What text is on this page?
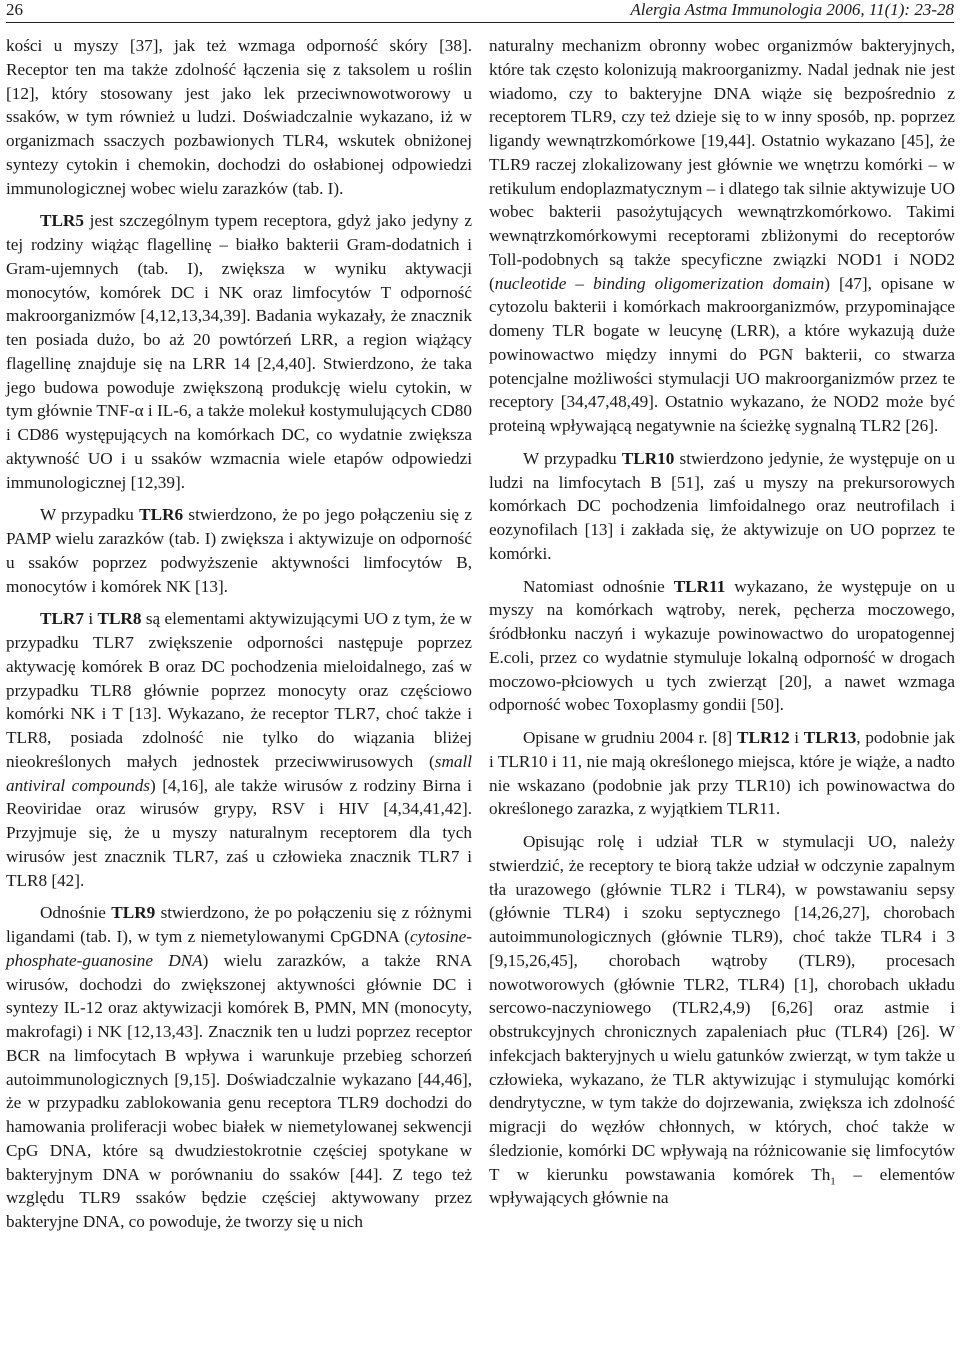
26	Alergia Astma Immunologia 2006, 11(1): 23-28

kości u myszy [37], jak też wzmaga odporność skóry [38]. Receptor ten ma także zdolność łączenia się z taksolem u roślin [12], który stosowany jest jako lek przeciwnowotworowy u ssaków, w tym również u ludzi. Doświadczalnie wykazano, iż w organizmach ssaczych pozbawionych TLR4, wskutek obniżonej syntezy cytokin i chemokin, dochodzi do osłabionej odpowiedzi immunologicznej wobec wielu zarazków (tab. I).

TLR5 jest szczególnym typem receptora, gdyż jako jedyny z tej rodziny wiążąc flagellinę – białko bakterii Gram-dodatnich i Gram-ujemnych (tab. I), zwiększa w wyniku aktywacji monocytów, komórek DC i NK oraz limfocytów T odporność makroorganizmów [4,12,13,34,39]. Badania wykazały, że znacznik ten posiada dużo, bo aż 20 powtórzeń LRR, a region wiążący flagellinę znajduje się na LRR 14 [2,4,40]. Stwierdzono, że taka jego budowa powoduje zwiększoną produkcję wielu cytokin, w tym głównie TNF-α i IL-6, a także molekuł kostymulujących CD80 i CD86 występujących na komórkach DC, co wydatnie zwiększa aktywność UO i u ssaków wzmacnia wiele etapów odpowiedzi immunologicznej [12,39].

W przypadku TLR6 stwierdzono, że po jego połączeniu się z PAMP wielu zarazków (tab. I) zwiększa i aktywizuje on odporność u ssaków poprzez podwyższenie aktywności limfocytów B, monocytów i komórek NK [13].

TLR7 i TLR8 są elementami aktywizującymi UO z tym, że w przypadku TLR7 zwiększenie odporności następuje poprzez aktywację komórek B oraz DC pochodzenia mieloidalnego, zaś w przypadku TLR8 głównie poprzez monocyty oraz częściowo komórki NK i T [13]. Wykazano, że receptor TLR7, choć także i TLR8, posiada zdolność nie tylko do wiązania bliżej nieokreślonych małych jednostek przeciwwirusowych (small antiviral compounds) [4,16], ale także wirusów z rodziny Birna i Reoviridae oraz wirusów grypy, RSV i HIV [4,34,41,42]. Przyjmuje się, że u myszy naturalnym receptorem dla tych wirusów jest znacznik TLR7, zaś u człowieka znacznik TLR7 i TLR8 [42].

Odnośnie TLR9 stwierdzono, że po połączeniu się z różnymi ligandami (tab. I), w tym z niemetylowanymi CpGDNA (cytosine-phosphate-guanosine DNA) wielu zarazków, a także RNA wirusów, dochodzi do zwiększonej aktywności głównie DC i syntezy IL-12 oraz aktywizacji komórek B, PMN, MN (monocyty, makrofagi) i NK [12,13,43]. Znacznik ten u ludzi poprzez receptor BCR na limfocytach B wpływa i warunkuje przebieg schorzeń autoimmunologicznych [9,15]. Doświadczalnie wykazano [44,46], że w przypadku zablokowania genu receptora TLR9 dochodzi do hamowania proliferacji wobec białek w niemetylowanej sekwencji CpG DNA, które są dwudziestokrotnie częściej spotykane w bakteryjnym DNA w porównaniu do ssaków [44]. Z tego też względu TLR9 ssaków będzie częściej aktywowany przez bakteryjne DNA, co powoduje, że tworzy się u nich

naturalny mechanizm obronny wobec organizmów bakteryjnych, które tak często kolonizują makroorganizmy. Nadal jednak nie jest wiadomo, czy to bakteryjne DNA wiąże się bezpośrednio z receptorem TLR9, czy też dzieje się to w inny sposób, np. poprzez ligandy wewnątrzkomórkowe [19,44]. Ostatnio wykazano [45], że TLR9 raczej zlokalizowany jest głównie we wnętrzu komórki – w retikulum endoplazmatycznym – i dlatego tak silnie aktywizuje UO wobec bakterii pasożytujących wewnątrzkomórkowo. Takimi wewnątrzkomórkowymi receptorami zbliżonymi do receptorów Toll-podobnych są także specyficzne związki NOD1 i NOD2 (nucleotide – binding oligomerization domain) [47], opisane w cytozolu bakterii i komórkach makroorganizmów, przypominające domeny TLR bogate w leucynę (LRR), a które wykazują duże powinowactwo między innymi do PGN bakterii, co stwarza potencjalne możliwości stymulacji UO makroorganizmów przez te receptory [34,47,48,49]. Ostatnio wykazano, że NOD2 może być proteiną wpływającą negatywnie na ścieżkę sygnalną TLR2 [26].

W przypadku TLR10 stwierdzono jedynie, że występuje on u ludzi na limfocytach B [51], zaś u myszy na prekursorowych komórkach DC pochodzenia limfoidalnego oraz neutrofilach i eozynofilach [13] i zakłada się, że aktywizuje on UO poprzez te komórki.

Natomiast odnośnie TLR11 wykazano, że występuje on u myszy na komórkach wątroby, nerek, pęcherza moczowego, śródbłonku naczyń i wykazuje powinowactwo do uropatogennej E.coli, przez co wydatnie stymuluje lokalną odporność w drogach moczowo-płciowych u tych zwierząt [20], a nawet wzmaga odporność wobec Toxoplasmy gondii [50].

Opisane w grudniu 2004 r. [8] TLR12 i TLR13, podobnie jak i TLR10 i 11, nie mają określonego miejsca, które je wiąże, a nadto nie wskazano (podobnie jak przy TLR10) ich powinowactwa do określonego zarazka, z wyjątkiem TLR11.

Opisując rolę i udział TLR w stymulacji UO, należy stwierdzić, że receptory te biorą także udział w odczynie zapalnym tła urazowego (głównie TLR2 i TLR4), w powstawaniu sepsy (głównie TLR4) i szoku septycznego [14,26,27], chorobach autoimmunologicznych (głównie TLR9), choć także TLR4 i 3 [9,15,26,45], chorobach wątroby (TLR9), procesach nowotworowych (głównie TLR2, TLR4) [1], chorobach układu sercowo-naczyniowego (TLR2,4,9) [6,26] oraz astmie i obstrukcyjnych chronicznych zapaleniach płuc (TLR4) [26]. W infekcjach bakteryjnych u wielu gatunków zwierząt, w tym także u człowieka, wykazano, że TLR aktywizując i stymulując komórki dendrytyczne, w tym także do dojrzewania, zwiększa ich zdolność migracji do węzłów chłonnych, w których, choć także w śledzionie, komórki DC wpływają na różnicowanie się limfocytów T w kierunku powstawania komórek $Th_1$ – elementów wpływających głównie na
